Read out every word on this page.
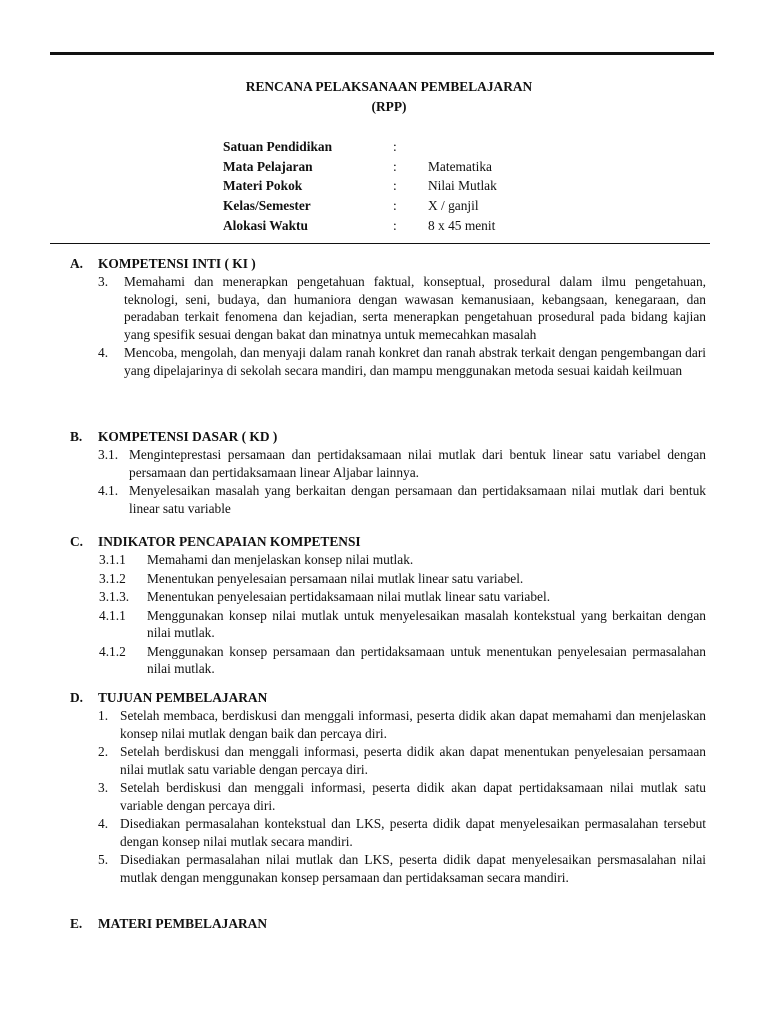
RENCANA PELAKSANAAN PEMBELAJARAN
(RPP)
Satuan Pendidikan	:
Mata Pelajaran	: Matematika
Materi Pokok	: Nilai Mutlak
Kelas/Semester	: X / ganjil
Alokasi Waktu	: 8 x 45 menit
A. KOMPETENSI INTI ( KI )
3. Memahami dan menerapkan pengetahuan faktual, konseptual, prosedural dalam ilmu pengetahuan, teknologi, seni, budaya, dan humaniora dengan wawasan kemanusiaan, kebangsaan, kenegaraan, dan peradaban terkait fenomena dan kejadian, serta menerapkan pengetahuan prosedural pada bidang kajian yang spesifik sesuai dengan bakat dan minatnya untuk memecahkan masalah
4. Mencoba, mengolah, dan menyaji dalam ranah konkret dan ranah abstrak terkait dengan pengembangan dari yang dipelajarinya di sekolah secara mandiri, dan mampu menggunakan metoda sesuai kaidah keilmuan
B. KOMPETENSI DASAR ( KD )
3.1. Menginteprestasi persamaan dan pertidaksamaan nilai mutlak dari bentuk linear satu variabel dengan persamaan dan pertidaksamaan linear Aljabar lainnya.
4.1. Menyelesaikan masalah yang berkaitan dengan persamaan dan pertidaksamaan nilai mutlak dari bentuk linear satu variable
C. INDIKATOR PENCAPAIAN KOMPETENSI
3.1.1 Memahami dan menjelaskan konsep nilai mutlak.
3.1.2 Menentukan penyelesaian persamaan nilai mutlak linear satu variabel.
3.1.3. Menentukan penyelesaian pertidaksamaan nilai mutlak linear satu variabel.
4.1.1 Menggunakan konsep nilai mutlak untuk menyelesaikan masalah kontekstual yang berkaitan dengan nilai mutlak.
4.1.2 Menggunakan konsep persamaan dan pertidaksamaan untuk menentukan penyelesaian permasalahan nilai mutlak.
D. TUJUAN PEMBELAJARAN
1. Setelah membaca, berdiskusi dan menggali informasi, peserta didik akan dapat memahami dan menjelaskan konsep nilai mutlak dengan baik dan percaya diri.
2. Setelah berdiskusi dan menggali informasi, peserta didik akan dapat menentukan penyelesaian persamaan nilai mutlak satu variable dengan percaya diri.
3. Setelah berdiskusi dan menggali informasi, peserta didik akan dapat pertidaksamaan nilai mutlak satu variable dengan percaya diri.
4. Disediakan permasalahan kontekstual dan LKS, peserta didik dapat menyelesaikan permasalahan tersebut dengan konsep nilai mutlak secara mandiri.
5. Disediakan permasalahan nilai mutlak dan LKS, peserta didik dapat menyelesaikan persmasalahan nilai mutlak dengan menggunakan konsep persamaan dan pertidaksaman secara mandiri.
E. MATERI PEMBELAJARAN
